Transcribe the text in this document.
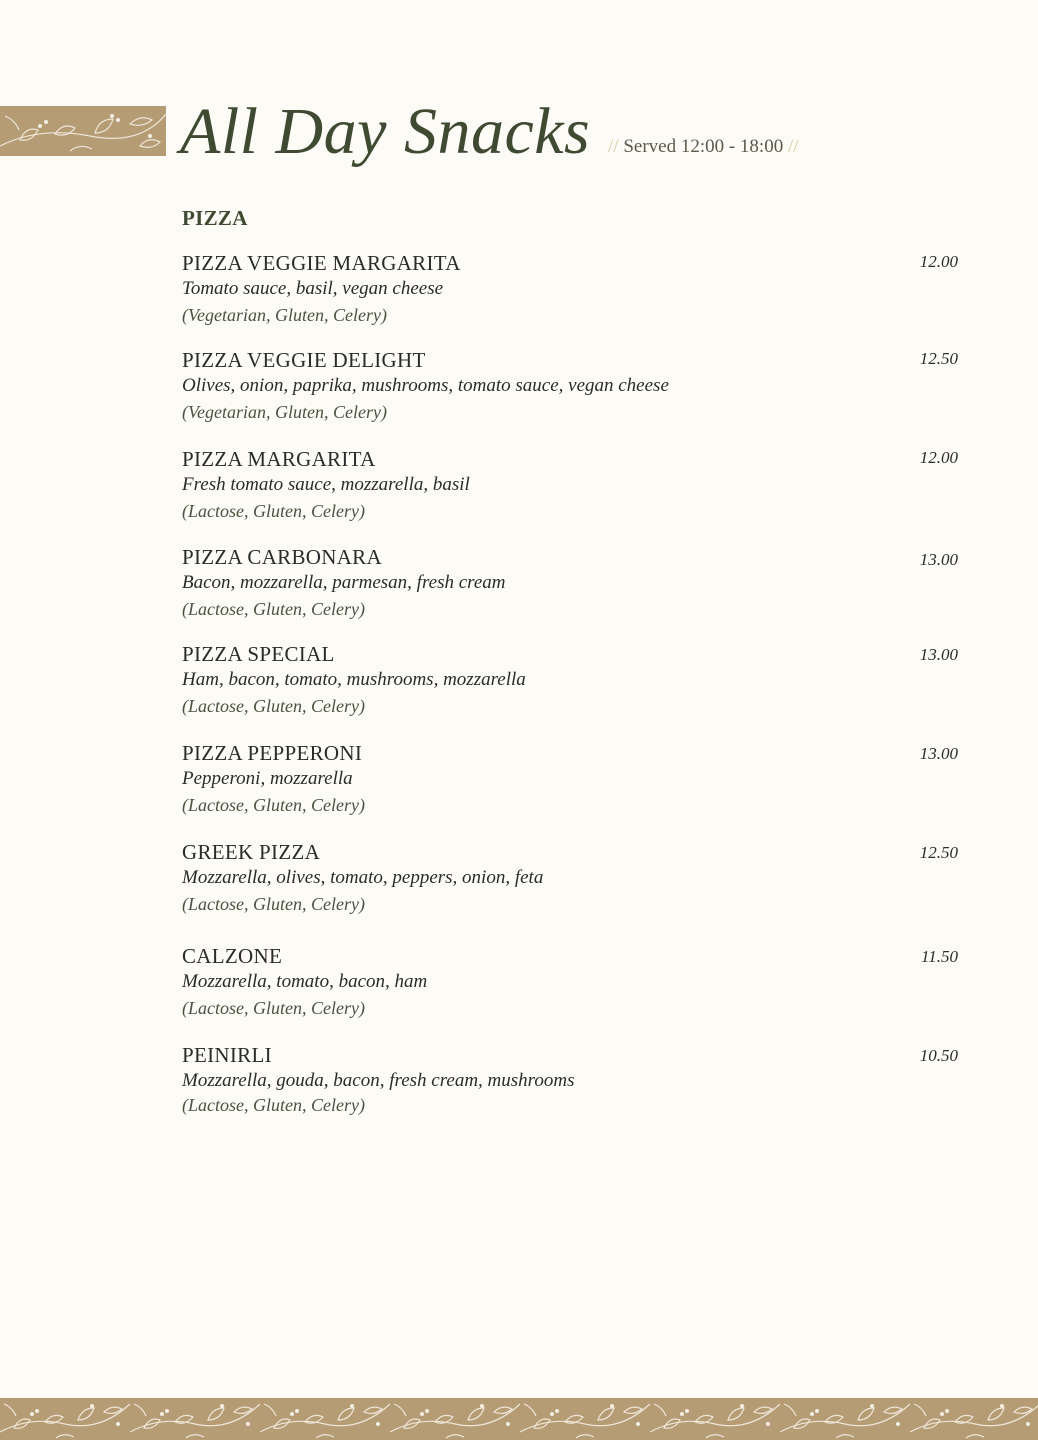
All Day Snacks // Served 12:00 - 18:00 //
PIZZA
PIZZA VEGGIE MARGARITA
Tomato sauce, basil, vegan cheese
(Vegetarian, Gluten, Celery)
12.00
PIZZA VEGGIE DELIGHT
Olives, onion, paprika, mushrooms, tomato sauce, vegan cheese
(Vegetarian, Gluten, Celery)
12.50
PIZZA MARGARITA
Fresh tomato sauce, mozzarella, basil
(Lactose, Gluten, Celery)
12.00
PIZZA CARBONARA
Bacon, mozzarella, parmesan, fresh cream
(Lactose, Gluten, Celery)
13.00
PIZZA SPECIAL
Ham, bacon, tomato, mushrooms, mozzarella
(Lactose, Gluten, Celery)
13.00
PIZZA PEPPERONI
Pepperoni, mozzarella
(Lactose, Gluten, Celery)
13.00
GREEK PIZZA
Mozzarella, olives, tomato, peppers, onion, feta
(Lactose, Gluten, Celery)
12.50
CALZONE
Mozzarella, tomato, bacon, ham
(Lactose, Gluten, Celery)
11.50
PEINIRLI
Mozzarella, gouda, bacon, fresh cream, mushrooms
(Lactose, Gluten, Celery)
10.50
